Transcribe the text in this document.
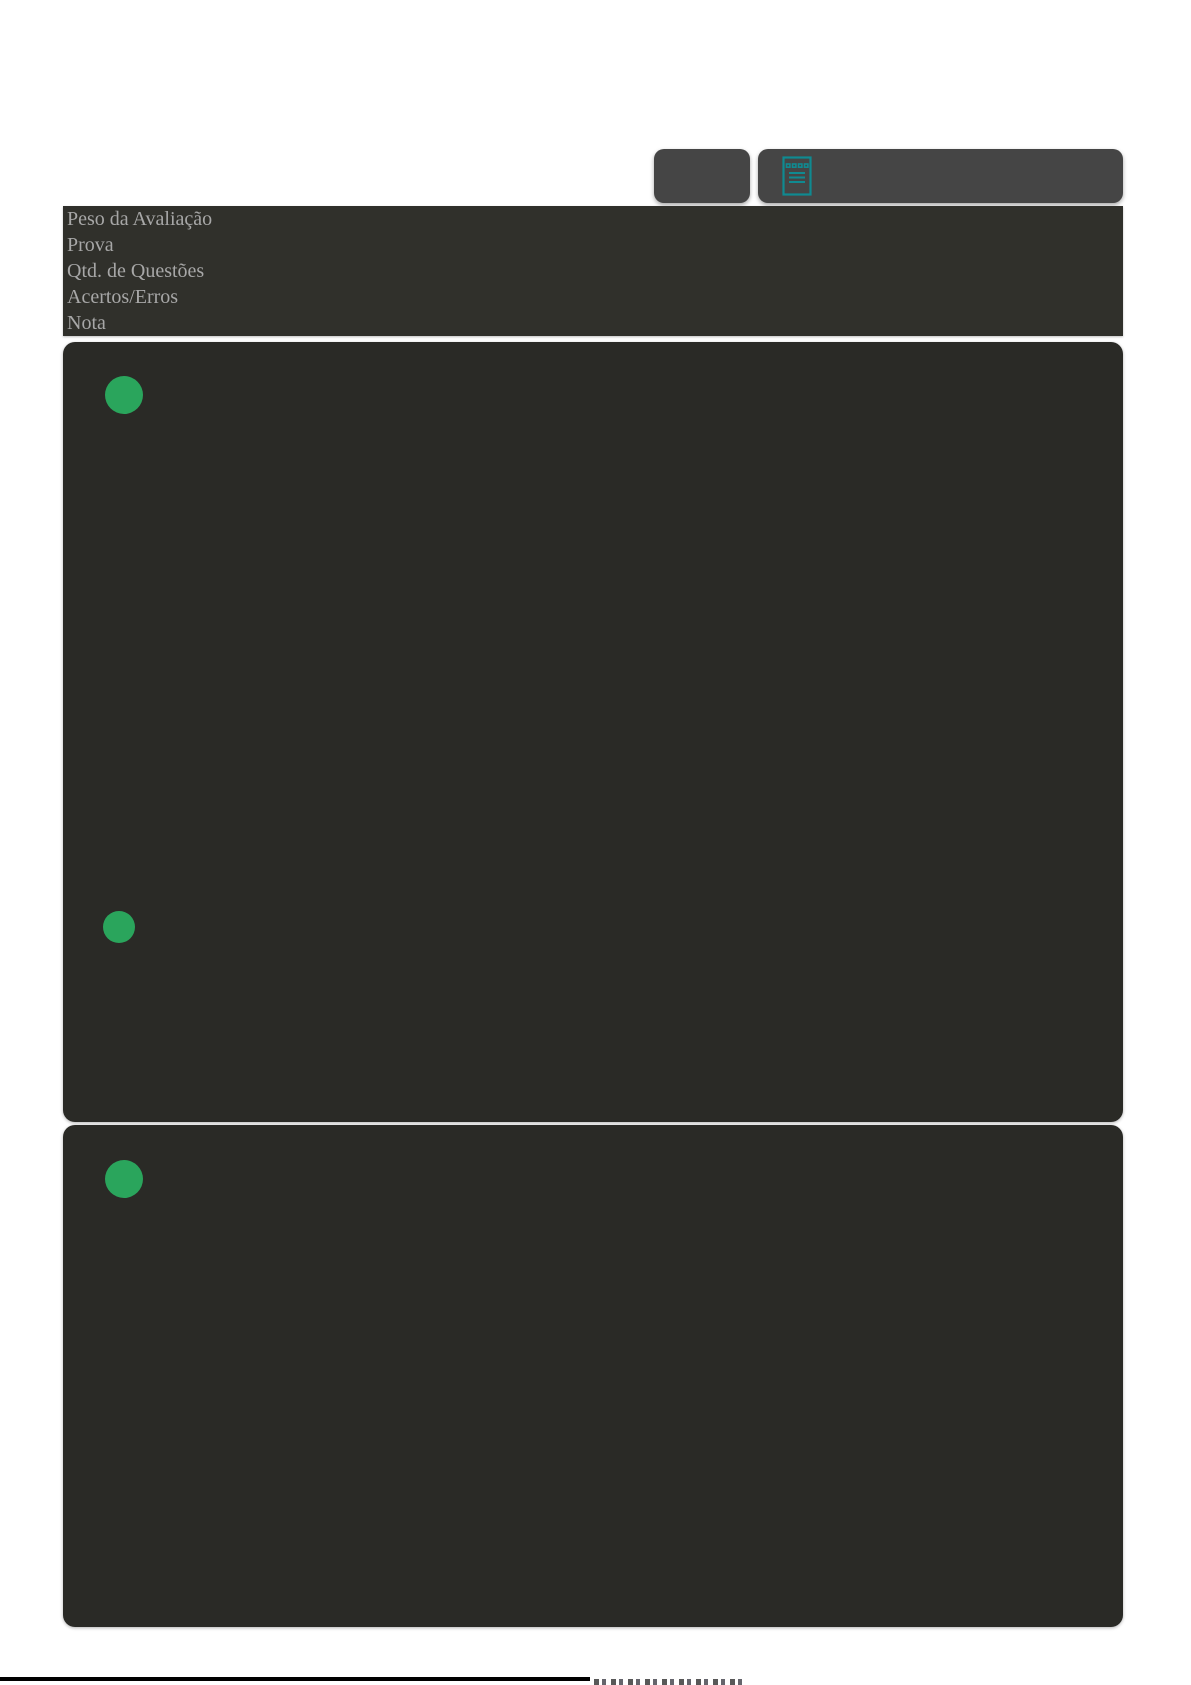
Peso da Avaliação
Prova
Qtd. de Questões
Acertos/Erros
Nota
